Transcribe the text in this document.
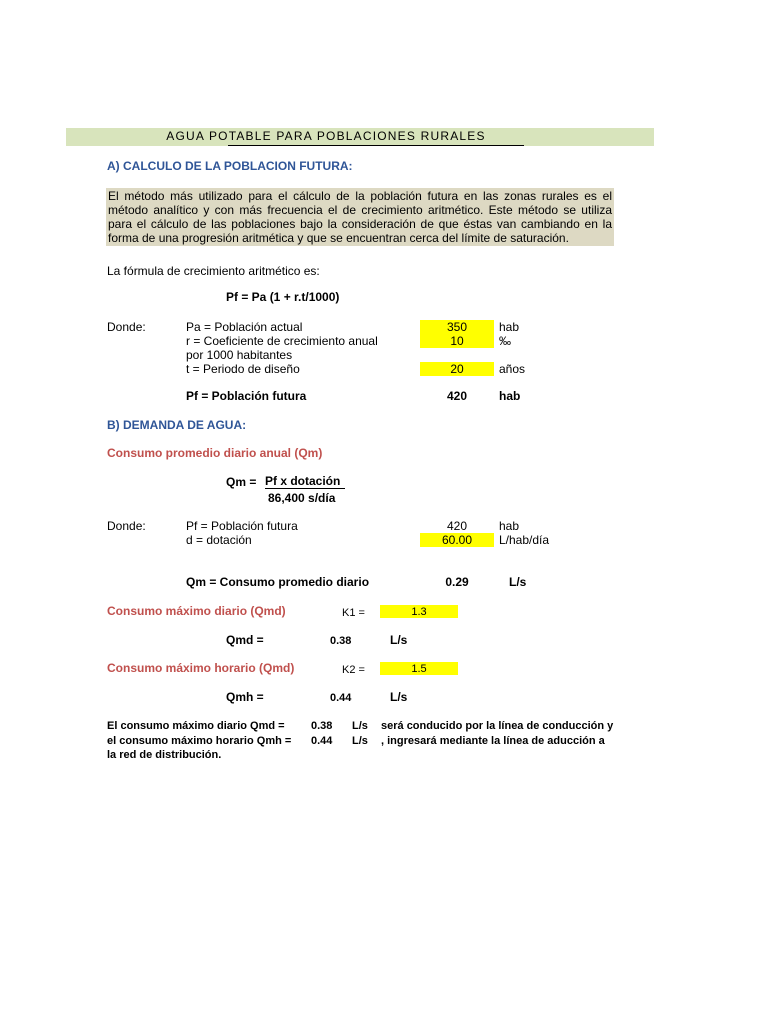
AGUA POTABLE PARA POBLACIONES RURALES
A) CALCULO DE LA POBLACION FUTURA:
El método más utilizado para el cálculo de la población futura en las zonas rurales es el método analítico y con más frecuencia el de crecimiento aritmético. Este método se utiliza para el cálculo de las poblaciones bajo la consideración de que éstas van cambiando en la forma de una progresión aritmética y que se encuentran cerca del límite de saturación.
La fórmula de crecimiento aritmético es:
Pf = Pa (1 + r.t/1000)
Donde:	Pa = Población actual	350	hab
r = Coeficiente de crecimiento anual	10	‰
por 1000 habitantes
t = Periodo de diseño	20	años
Pf = Población futura	420	hab
B) DEMANDA DE AGUA:
Consumo promedio diario anual (Qm)
Qm = Pf x dotación
86,400 s/día
Donde:	Pf = Población futura	420	hab
d = dotación	60.00	L/hab/día
Qm = Consumo promedio diario	0.29	L/s
Consumo máximo diario (Qmd)	K1 =	1.3
Qmd =	0.38	L/s
Consumo máximo horario (Qmd)	K2 =	1.5
Qmh =	0.44	L/s
El consumo máximo diario Qmd = 0.38 L/s será conducido por la línea de conducción y
el consumo máximo horario Qmh = 0.44 L/s , ingresará mediante la línea de aducción a
la red de distribución.
